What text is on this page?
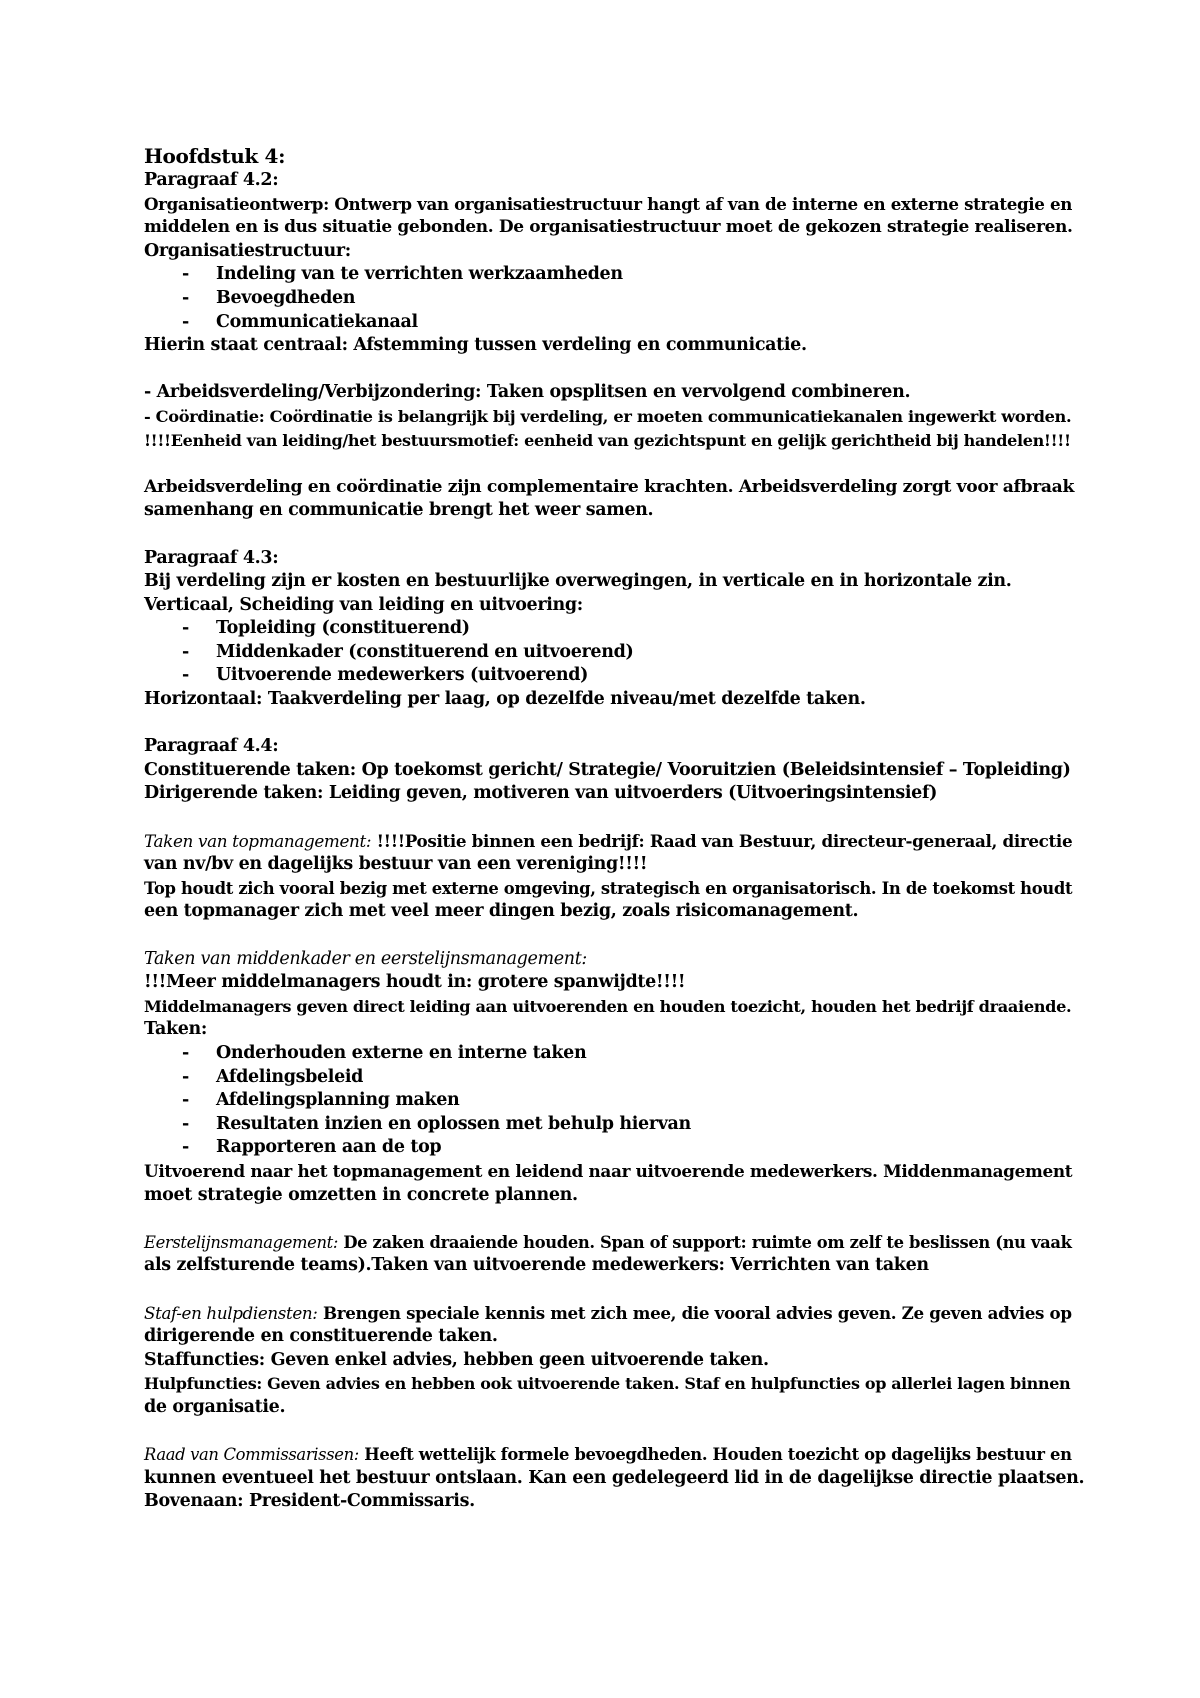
Hoofdstuk 4:
Paragraaf 4.2:
Organisatieontwerp: Ontwerp van organisatiestructuur hangt af van de interne en externe strategie en
middelen en is dus situatie gebonden. De organisatiestructuur moet de gekozen strategie realiseren.
Organisatiestructuur:
- Indeling van te verrichten werkzaamheden
- Bevoegdheden
- Communicatiekanaal
Hierin staat centraal: Afstemming tussen verdeling en communicatie.
- Arbeidsverdeling/Verbijzondering: Taken opsplitsen en vervolgend combineren.
- Coördinatie: Coördinatie is belangrijk bij verdeling, er moeten communicatiekanalen ingewerkt worden.
!!!!Eenheid van leiding/het bestuursmotief: eenheid van gezichtspunt en gelijk gerichtheid bij handelen!!!!
Arbeidsverdeling en coördinatie zijn complementaire krachten. Arbeidsverdeling zorgt voor afbraak
samenhang en communicatie brengt het weer samen.
Paragraaf 4.3:
Bij verdeling zijn er kosten en bestuurlijke overwegingen, in verticale en in horizontale zin.
Verticaal, Scheiding van leiding en uitvoering:
- Topleiding (constituerend)
- Middenkader (constituerend en uitvoerend)
- Uitvoerende medewerkers (uitvoerend)
Horizontaal: Taakverdeling per laag, op dezelfde niveau/met dezelfde taken.
Paragraaf 4.4:
Constituerende taken: Op toekomst gericht/ Strategie/ Vooruitzien (Beleidsintensief – Topleiding)
Dirigerende taken: Leiding geven, motiveren van uitvoerders (Uitvoeringsintensief)
Taken van topmanagement: !!!!Positie binnen een bedrijf: Raad van Bestuur, directeur-generaal, directie
van nv/bv en dagelijks bestuur van een vereniging!!!!
Top houdt zich vooral bezig met externe omgeving, strategisch en organisatorisch. In de toekomst houdt
een topmanager zich met veel meer dingen bezig, zoals risicomanagement.
Taken van middenkader en eerstelijnsmanagement:
!!!Meer middelmanagers houdt in: grotere spanwijdte!!!!
Middelmanagers geven direct leiding aan uitvoerenden en houden toezicht, houden het bedrijf draaiende.
Taken:
- Onderhouden externe en interne taken
- Afdelingsbeleid
- Afdelingsplanning maken
- Resultaten inzien en oplossen met behulp hiervan
- Rapporteren aan de top
Uitvoerend naar het topmanagement en leidend naar uitvoerende medewerkers. Middenmanagement
moet strategie omzetten in concrete plannen.
Eerstelijnsmanagement: De zaken draaiende houden. Span of support: ruimte om zelf te beslissen (nu vaak
als zelfsturende teams).Taken van uitvoerende medewerkers: Verrichten van taken
Staf-en hulpdiensten: Brengen speciale kennis met zich mee, die vooral advies geven. Ze geven advies op
dirigerende en constituerende taken.
Staffuncties: Geven enkel advies, hebben geen uitvoerende taken.
Hulpfuncties: Geven advies en hebben ook uitvoerende taken. Staf en hulpfuncties op allerlei lagen binnen
de organisatie.
Raad van Commissarissen: Heeft wettelijk formele bevoegdheden. Houden toezicht op dagelijks bestuur en
kunnen eventueel het bestuur ontslaan. Kan een gedelegeerd lid in de dagelijkse directie plaatsen.
Bovenaan: President-Commissaris.
